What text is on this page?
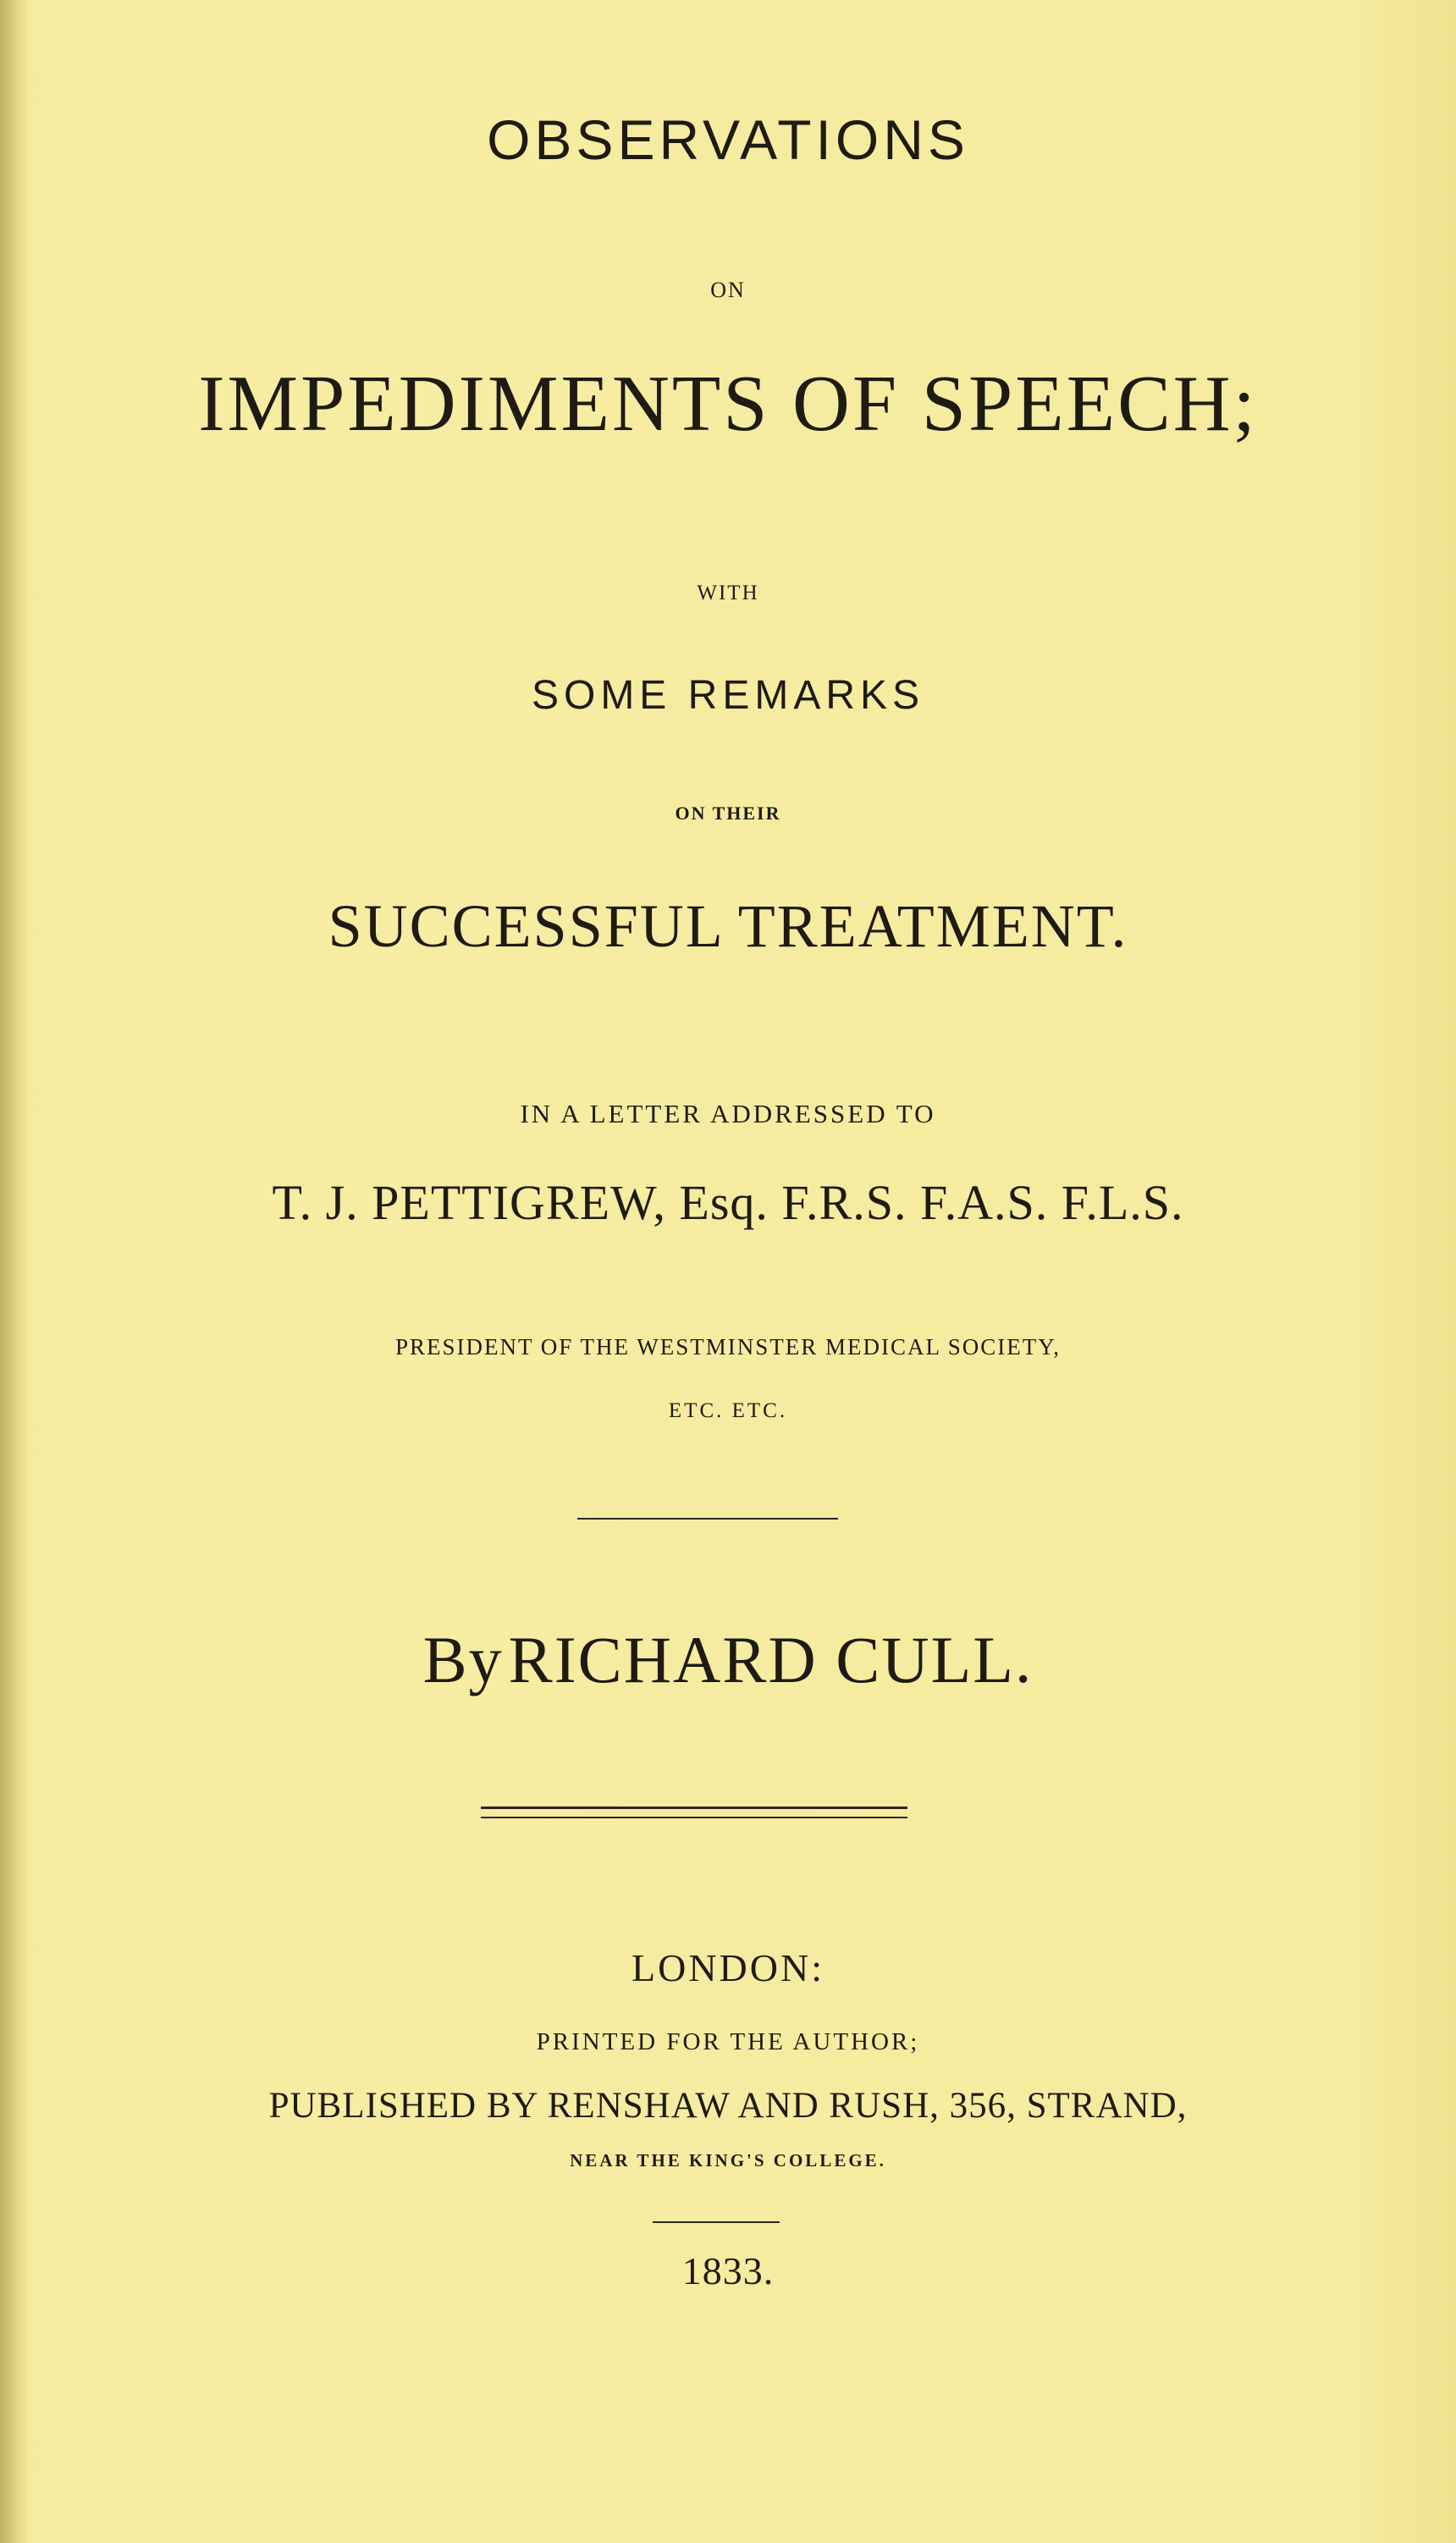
OBSERVATIONS
ON
IMPEDIMENTS OF SPEECH;
WITH
SOME REMARKS
ON THEIR
SUCCESSFUL TREATMENT.
IN A LETTER ADDRESSED TO
T. J. PETTIGREW, Esq. F.R.S. F.A.S. F.L.S.
PRESIDENT OF THE WESTMINSTER MEDICAL SOCIETY,
ETC. ETC.
By RICHARD CULL.
LONDON:
PRINTED FOR THE AUTHOR;
PUBLISHED BY RENSHAW AND RUSH, 356, STRAND,
NEAR THE KING'S COLLEGE.
1833.
